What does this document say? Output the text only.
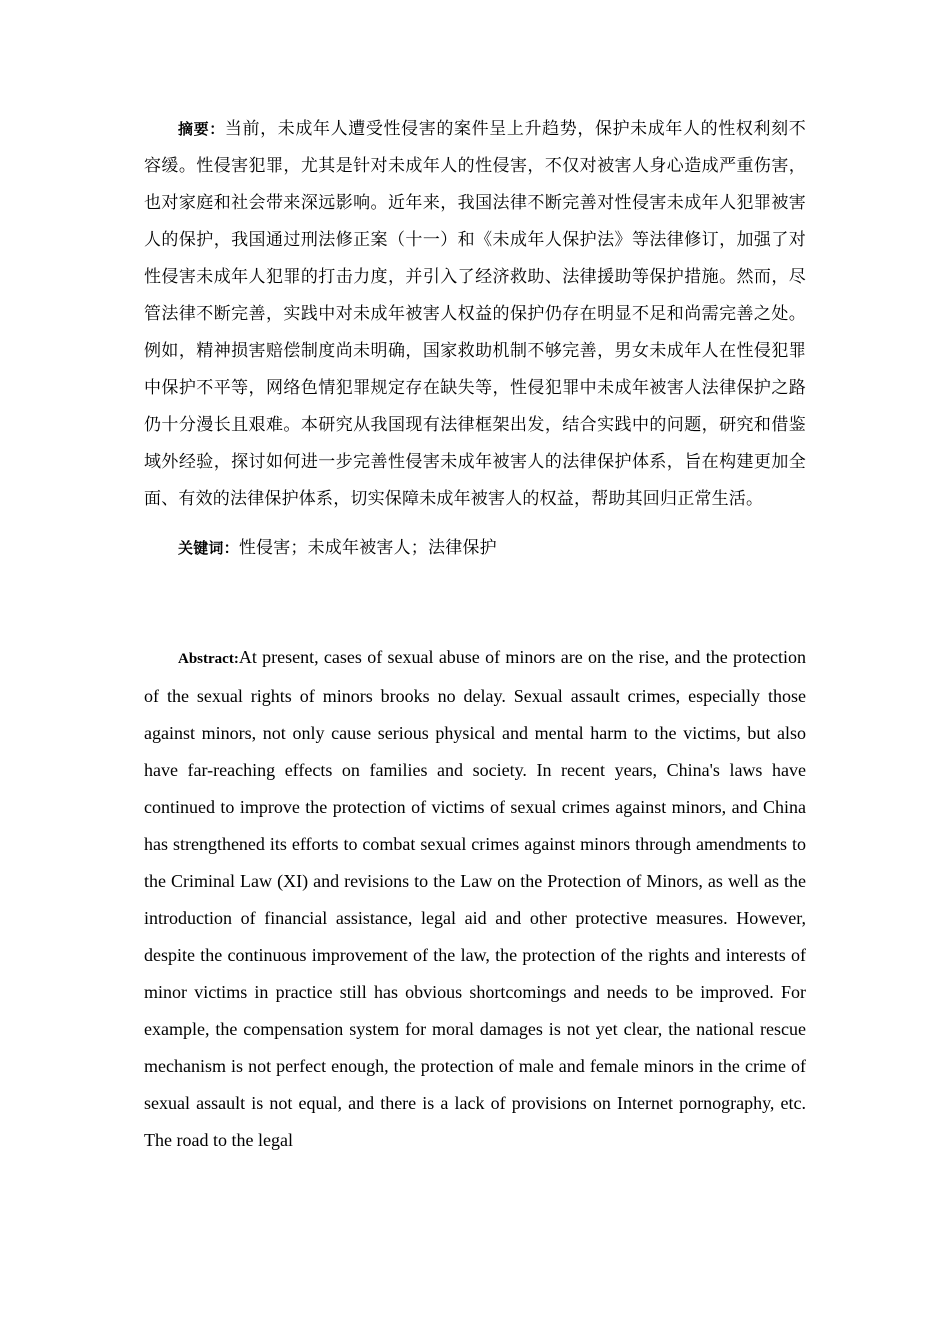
摘要：当前，未成年人遭受性侵害的案件呈上升趋势，保护未成年人的性权利刻不容缓。性侵害犯罪，尤其是针对未成年人的性侵害，不仅对被害人身心造成严重伤害，也对家庭和社会带来深远影响。近年来，我国法律不断完善对性侵害未成年人犯罪被害人的保护，我国通过刑法修正案（十一）和《未成年人保护法》等法律修订，加强了对性侵害未成年人犯罪的打击力度，并引入了经济救助、法律援助等保护措施。然而，尽管法律不断完善，实践中对未成年被害人权益的保护仍存在明显不足和尚需完善之处。例如，精神损害赔偿制度尚未明确，国家救助机制不够完善，男女未成年人在性侵犯罪中保护不平等，网络色情犯罪规定存在缺失等，性侵犯罪中未成年被害人法律保护之路仍十分漫长且艰难。本研究从我国现有法律框架出发，结合实践中的问题，研究和借鉴域外经验，探讨如何进一步完善性侵害未成年被害人的法律保护体系，旨在构建更加全面、有效的法律保护体系，切实保障未成年被害人的权益，帮助其回归正常生活。

关键词：性侵害；未成年被害人；法律保护

Abstract:At present, cases of sexual abuse of minors are on the rise, and the protection of the sexual rights of minors brooks no delay. Sexual assault crimes, especially those against minors, not only cause serious physical and mental harm to the victims, but also have far-reaching effects on families and society. In recent years, China's laws have continued to improve the protection of victims of sexual crimes against minors, and China has strengthened its efforts to combat sexual crimes against minors through amendments to the Criminal Law (XI) and revisions to the Law on the Protection of Minors, as well as the introduction of financial assistance, legal aid and other protective measures. However, despite the continuous improvement of the law, the protection of the rights and interests of minor victims in practice still has obvious shortcomings and needs to be improved. For example, the compensation system for moral damages is not yet clear, the national rescue mechanism is not perfect enough, the protection of male and female minors in the crime of sexual assault is not equal, and there is a lack of provisions on Internet pornography, etc. The road to the legal
